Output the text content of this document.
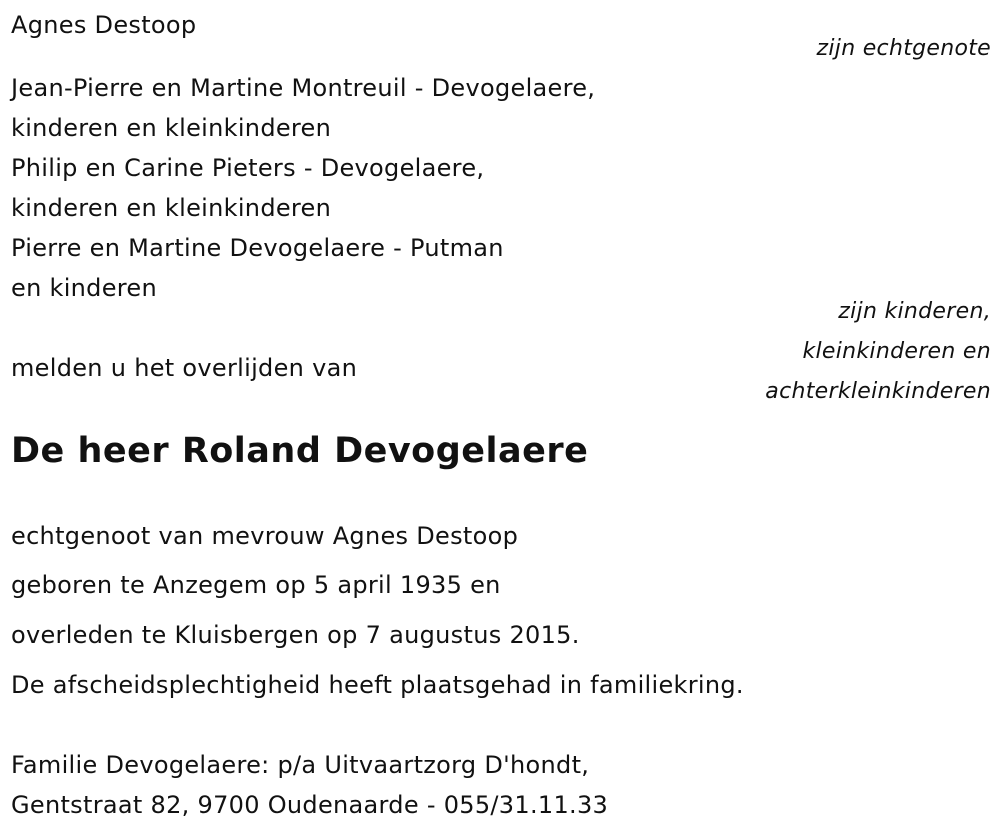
Agnes Destoop
zijn echtgenote
Jean-Pierre en Martine Montreuil - Devogelaere,
kinderen en kleinkinderen
Philip en Carine Pieters - Devogelaere,
kinderen en kleinkinderen
Pierre en Martine Devogelaere - Putman
en kinderen
zijn kinderen,
kleinkinderen en
achterkleinkinderen
melden u het overlijden van
De heer Roland Devogelaere
echtgenoot van mevrouw Agnes Destoop
geboren te Anzegem op 5 april 1935 en
overleden te Kluisbergen op 7 augustus 2015.
De afscheidsplechtigheid heeft plaatsgehad in familiekring.
Familie Devogelaere: p/a Uitvaartzorg D'hondt,
Gentstraat 82, 9700 Oudenaarde - 055/31.11.33
